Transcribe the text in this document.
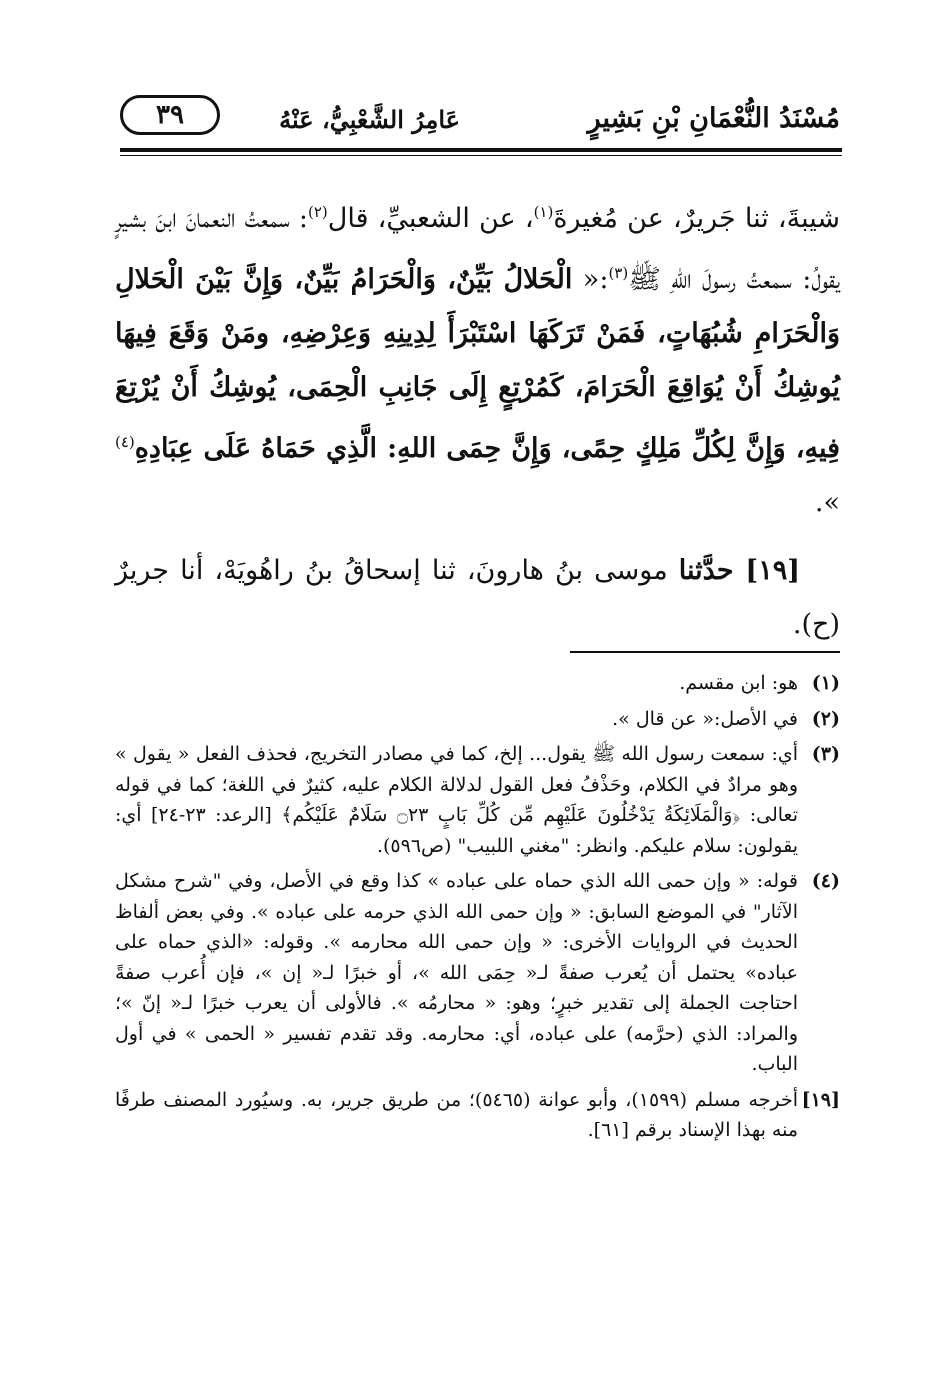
مُسْنَدُ النُّعْمَانِ بْنِ بَشِيرٍ
عَامِرُ الشَّعْبِيُّ، عَنْهُ
٣٩

شيبةَ، ثنا جَريرٌ، عن مُغيرةَ$^{(١)}$، عن الشعبيِّ، قال$^{(٢)}$: سمعتُ النعمانَ ابنَ بشيرٍ يقولُ: سمعتُ رسولَ اللهِ ﷺ$^{(٣)}$:« الْحَلالُ بَيِّنٌ، وَالْحَرَامُ بَيِّنٌ، وَإِنَّ بَيْنَ الْحَلالِ وَالْحَرَامِ شُبُهَاتٍ، فَمَنْ تَرَكَهَا اسْتَبْرَأَ لِدِينِهِ وَعِرْضِهِ، ومَنْ وَقَعَ فِيهَا يُوشِكُ أَنْ يُوَاقِعَ الْحَرَامَ، كَمُرْتِعٍ إِلَى جَانِبِ الْحِمَى، يُوشِكُ أَنْ يُرْتِعَ فِيهِ، وَإِنَّ لِكُلِّ مَلِكٍ حِمًى، وَإِنَّ حِمَى اللهِ: الَّذِي حَمَاهُ عَلَى عِبَادِهِ$^{(٤)}$ ».

[١٩] حدَّثنا موسى بنُ هارونَ، ثنا إسحاقُ بنُ راهُويَهْ، أنا جريرٌ (ح).

(١)
هو: ابن مقسم.
(٢)
في الأصل:« عن قال ».
(٣)
أي: سمعت رسول الله ﷺ يقول... إلخ، كما في مصادر التخريج، فحذف الفعل « يقول » وهو مرادٌ في الكلام، وحَذْفُ فعل القول لدلالة الكلام عليه، كثيرٌ في اللغة؛ كما في قوله تعالى: ﴿وَالْمَلَائِكَةُ يَدْخُلُونَ عَلَيْهِم مِّن كُلِّ بَابٍ ۝٢٣ سَلَامٌ عَلَيْكُم﴾ [الرعد: ٢٣-٢٤] أي: يقولون: سلام عليكم. وانظر: "مغني اللبيب" (ص٥٩٦).
(٤)
قوله: « وإن حمى الله الذي حماه على عباده » كذا وقع في الأصل، وفي "شرح مشكل الآثار" في الموضع السابق: « وإن حمى الله الذي حرمه على عباده ». وفي بعض ألفاظ الحديث في الروايات الأخرى: « وإن حمى الله محارمه ». وقوله: «الذي حماه على عباده» يحتمل أن يُعرب صفةً لـ« حِمَى الله »، أو خبرًا لـ« إن »، فإن أُعرب صفةً احتاجت الجملة إلى تقدير خبرٍ؛ وهو: « محارمُه ». فالأولى أن يعرب خبرًا لـ« إنّ »؛ والمراد: الذي (حرَّمه) على عباده، أي: محارمه. وقد تقدم تفسير « الحمى » في أول الباب.
[١٩]
أخرجه مسلم (١٥٩٩)، وأبو عوانة (٥٤٦٥)؛ من طريق جرير، به. وسيُورد المصنف طرفًا منه بهذا الإسناد برقم [٦١].
